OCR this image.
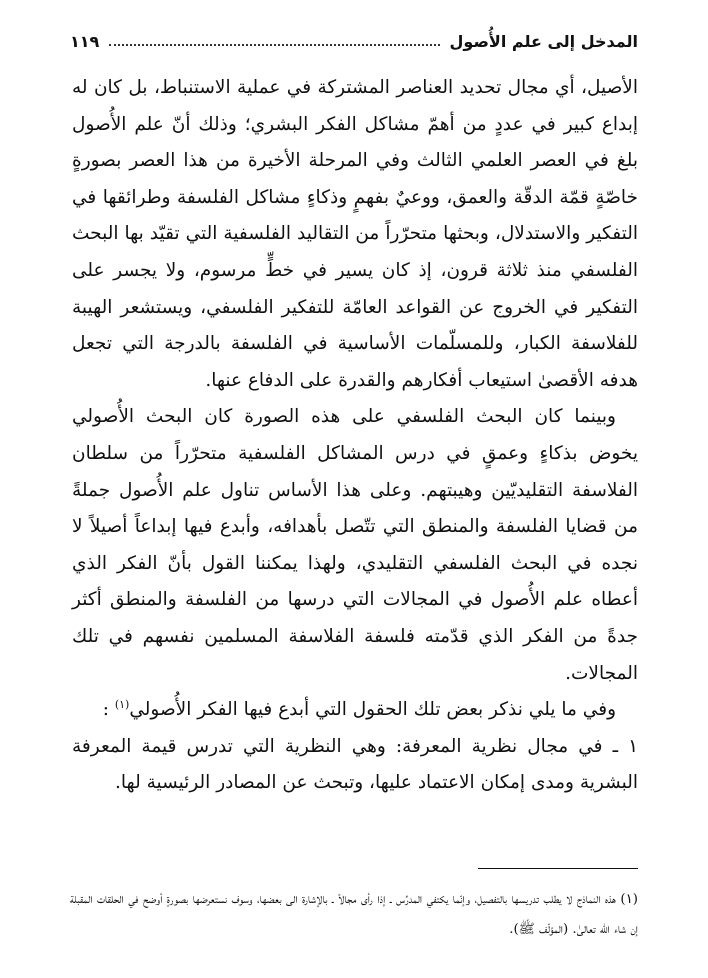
المدخل إلى علم الأُصول
١١٩

الأصيل، أي مجال تحديد العناصر المشتركة في عملية الاستنباط، بل كان له إبداع كبير في عددٍ من أهمّ مشاكل الفكر البشري؛ وذلك أنّ علم الأُصول بلغ في العصر العلمي الثالث وفي المرحلة الأخيرة من هذا العصر بصورةٍ خاصّةٍ قمّة الدقّة والعمق، ووعيٌ بفهمٍ وذكاءٍ مشاكل الفلسفة وطرائقها في التفكير والاستدلال، وبحثها متحرّراً من التقاليد الفلسفية التي تقيّد بها البحث الفلسفي منذ ثلاثة قرون، إذ كان يسير في خطٍّ مرسوم، ولا يجسر على التفكير في الخروج عن القواعد العامّة للتفكير الفلسفي، ويستشعر الهيبة للفلاسفة الكبار، وللمسلّمات الأساسية في الفلسفة بالدرجة التي تجعل هدفه الأقصىٰ استيعاب أفكارهم والقدرة على الدفاع عنها.

وبينما كان البحث الفلسفي على هذه الصورة كان البحث الأُصولي يخوض بذكاءٍ وعمقٍ في درس المشاكل الفلسفية متحرّراً من سلطان الفلاسفة التقليديّين وهيبتهم. وعلى هذا الأساس تناول علم الأُصول جملةً من قضايا الفلسفة والمنطق التي تتّصل بأهدافه، وأبدع فيها إبداعاً أصيلاً لا نجده في البحث الفلسفي التقليدي، ولهذا يمكننا القول بأنّ الفكر الذي أعطاه علم الأُصول في المجالات التي درسها من الفلسفة والمنطق أكثر جدةً من الفكر الذي قدّمته فلسفة الفلاسفة المسلمين نفسهم في تلك المجالات.

وفي ما يلي نذكر بعض تلك الحقول التي أبدع فيها الفكر الأُصولي$^{(١)}$ :

١ ـ في مجال نظرية المعرفة: وهي النظرية التي تدرس قيمة المعرفة البشرية ومدى إمكان الاعتماد عليها، وتبحث عن المصادر الرئيسية لها.

(١) هذه النماذج لا يطلب تدريسها بالتفصيل، وإنّما يكتفي المدرِّس ـ إذا رأى مجالاً ـ بالإشارة الى بعضها، وسوف نستعرضها بصورةٍ أوضح في الحلقات المقبلة إن شاء الله تعالىٰ. (المؤلّف ﷺ).
